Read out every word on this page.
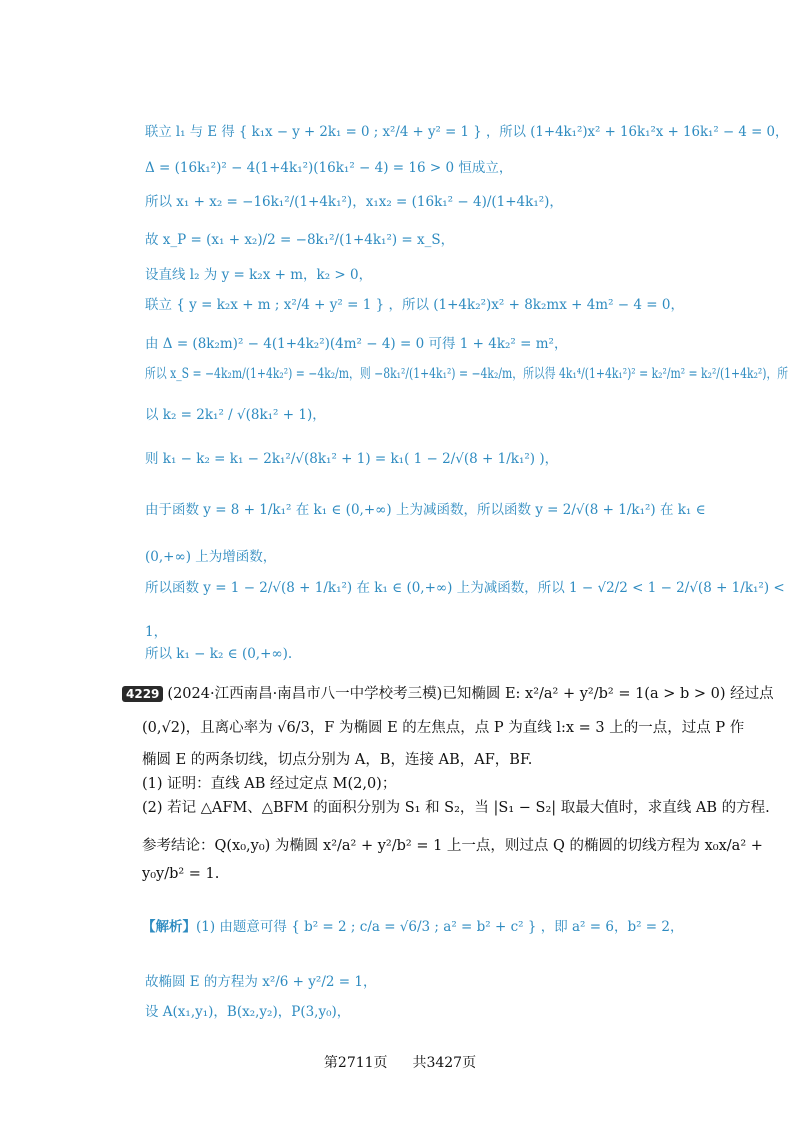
联立 l₁ 与 E 得 { k₁x − y + 2k₁ = 0 ; x²/4 + y² = 1 } ，所以 (1+4k₁²)x² + 16k₁²x + 16k₁² − 4 = 0，
Δ = (16k₁²)² − 4(1+4k₁²)(16k₁² − 4) = 16 > 0 恒成立，
所以 x₁ + x₂ = −16k₁²/(1+4k₁²)，x₁x₂ = (16k₁² − 4)/(1+4k₁²)，
故 x_P = (x₁ + x₂)/2 = −8k₁²/(1+4k₁²) = x_S，
设直线 l₂ 为 y = k₂x + m，k₂ > 0，
联立 { y = k₂x + m ; x²/4 + y² = 1 } ，所以 (1+4k₂²)x² + 8k₂mx + 4m² − 4 = 0，
由 Δ = (8k₂m)² − 4(1+4k₂²)(4m² − 4) = 0 可得 1 + 4k₂² = m²，
所以 x_S = −4k₂m/(1+4k₂²) = −4k₂/m，则 −8k₁²/(1+4k₁²) = −4k₂/m，所以得 4k₁⁴/(1+4k₁²)² = k₂²/m² = k₂²/(1+4k₂²)，所
以 k₂ = 2k₁² / √(8k₁² + 1)，
则 k₁ − k₂ = k₁ − 2k₁²/√(8k₁² + 1) = k₁( 1 − 2/√(8 + 1/k₁²) )，
由于函数 y = 8 + 1/k₁² 在 k₁ ∈ (0,+∞) 上为减函数，所以函数 y = 2/√(8 + 1/k₁²) 在 k₁ ∈
(0,+∞) 上为增函数，
所以函数 y = 1 − 2/√(8 + 1/k₁²) 在 k₁ ∈ (0,+∞) 上为减函数，所以 1 − √2/2 < 1 − 2/√(8 + 1/k₁²) <
1，
所以 k₁ − k₂ ∈ (0,+∞).
4229 (2024·江西南昌·南昌市八一中学校考三模)已知椭圆 E: x²/a² + y²/b² = 1(a > b > 0) 经过点
(0,√2)，且离心率为 √6/3，F 为椭圆 E 的左焦点，点 P 为直线 l:x = 3 上的一点，过点 P 作
椭圆 E 的两条切线，切点分别为 A，B，连接 AB，AF，BF.
(1) 证明：直线 AB 经过定点 M(2,0)；
(2) 若记 △AFM、△BFM 的面积分别为 S₁ 和 S₂，当 |S₁ − S₂| 取最大值时，求直线 AB 的方程.
参考结论：Q(x₀,y₀) 为椭圆 x²/a² + y²/b² = 1 上一点，则过点 Q 的椭圆的切线方程为 x₀x/a² +
y₀y/b² = 1.
【解析】(1) 由题意可得 { b² = 2 ; c/a = √6/3 ; a² = b² + c² } ，即 a² = 6，b² = 2，
故椭圆 E 的方程为 x²/6 + y²/2 = 1，
设 A(x₁,y₁)，B(x₂,y₂)，P(3,y₀)，
第2711页 共3427页
